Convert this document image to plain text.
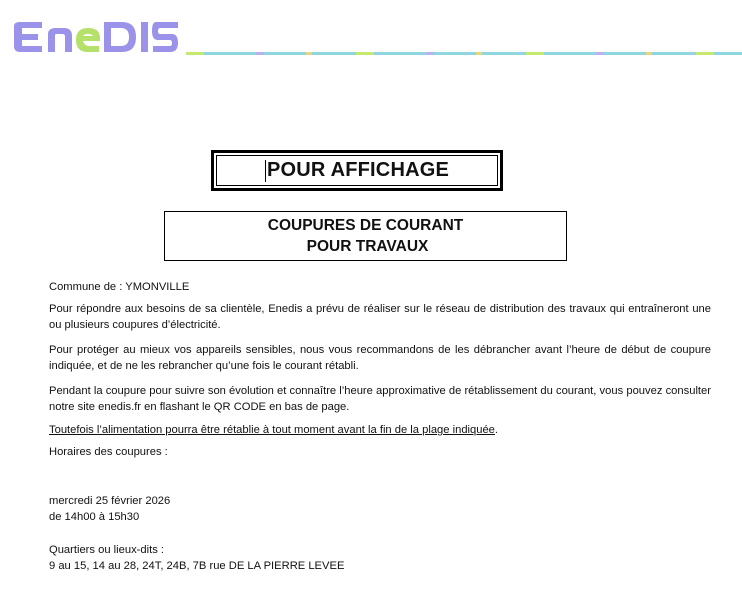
POUR AFFICHAGE
COUPURES DE COURANT
POUR TRAVAUX

Commune de : YMONVILLE

Pour répondre aux besoins de sa clientèle, Enedis a prévu de réaliser sur le réseau de distribution des travaux qui entraîneront une ou plusieurs coupures d’électricité.

Pour protéger au mieux vos appareils sensibles, nous vous recommandons de les débrancher avant l’heure de début de coupure indiquée, et de ne les rebrancher qu’une fois le courant rétabli.

Pendant la coupure pour suivre son évolution et connaître l’heure approximative de rétablissement du courant, vous pouvez consulter notre site enedis.fr en flashant le QR CODE en bas de page.

Toutefois l’alimentation pourra être rétablie à tout moment avant la fin de la plage indiquée.

Horaires des coupures :

mercredi 25 février 2026

de 14h00 à 15h30

Quartiers ou lieux-dits :

9 au 15, 14 au 28, 24T, 24B, 7B rue DE LA PIERRE LEVEE
